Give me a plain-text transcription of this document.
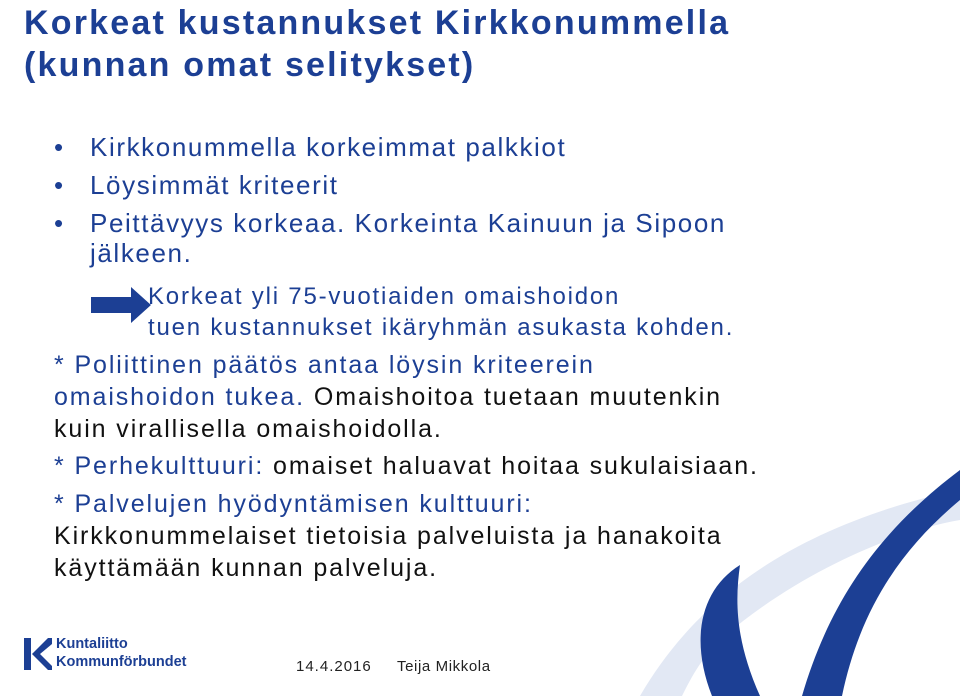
Korkeat kustannukset Kirkkonummella
(kunnan omat selitykset)
• Kirkkonummella korkeimmat palkkiot
• Löysimmät kriteerit
• Peittävyys korkeaa. Korkeinta Kainuun ja Sipoon
jälkeen.

Korkeat yli 75-vuotiaiden omaishoidon
tuen kustannukset ikäryhmän asukasta kohden.

* Poliittinen päätös antaa löysin kriteerein
omaishoidon tukea. Omaishoitoa tuetaan muutenkin
kuin virallisella omaishoidolla.

* Perhekulttuuri: omaiset haluavat hoitaa sukulaisiaan.

* Palvelujen hyödyntämisen kulttuuri:
Kirkkonummelaiset tietoisia palveluista ja hanakoita
käyttämään kunnan palveluja.

Kuntaliitto
Kommunförbundet	14.4.2016 Teija Mikkola
